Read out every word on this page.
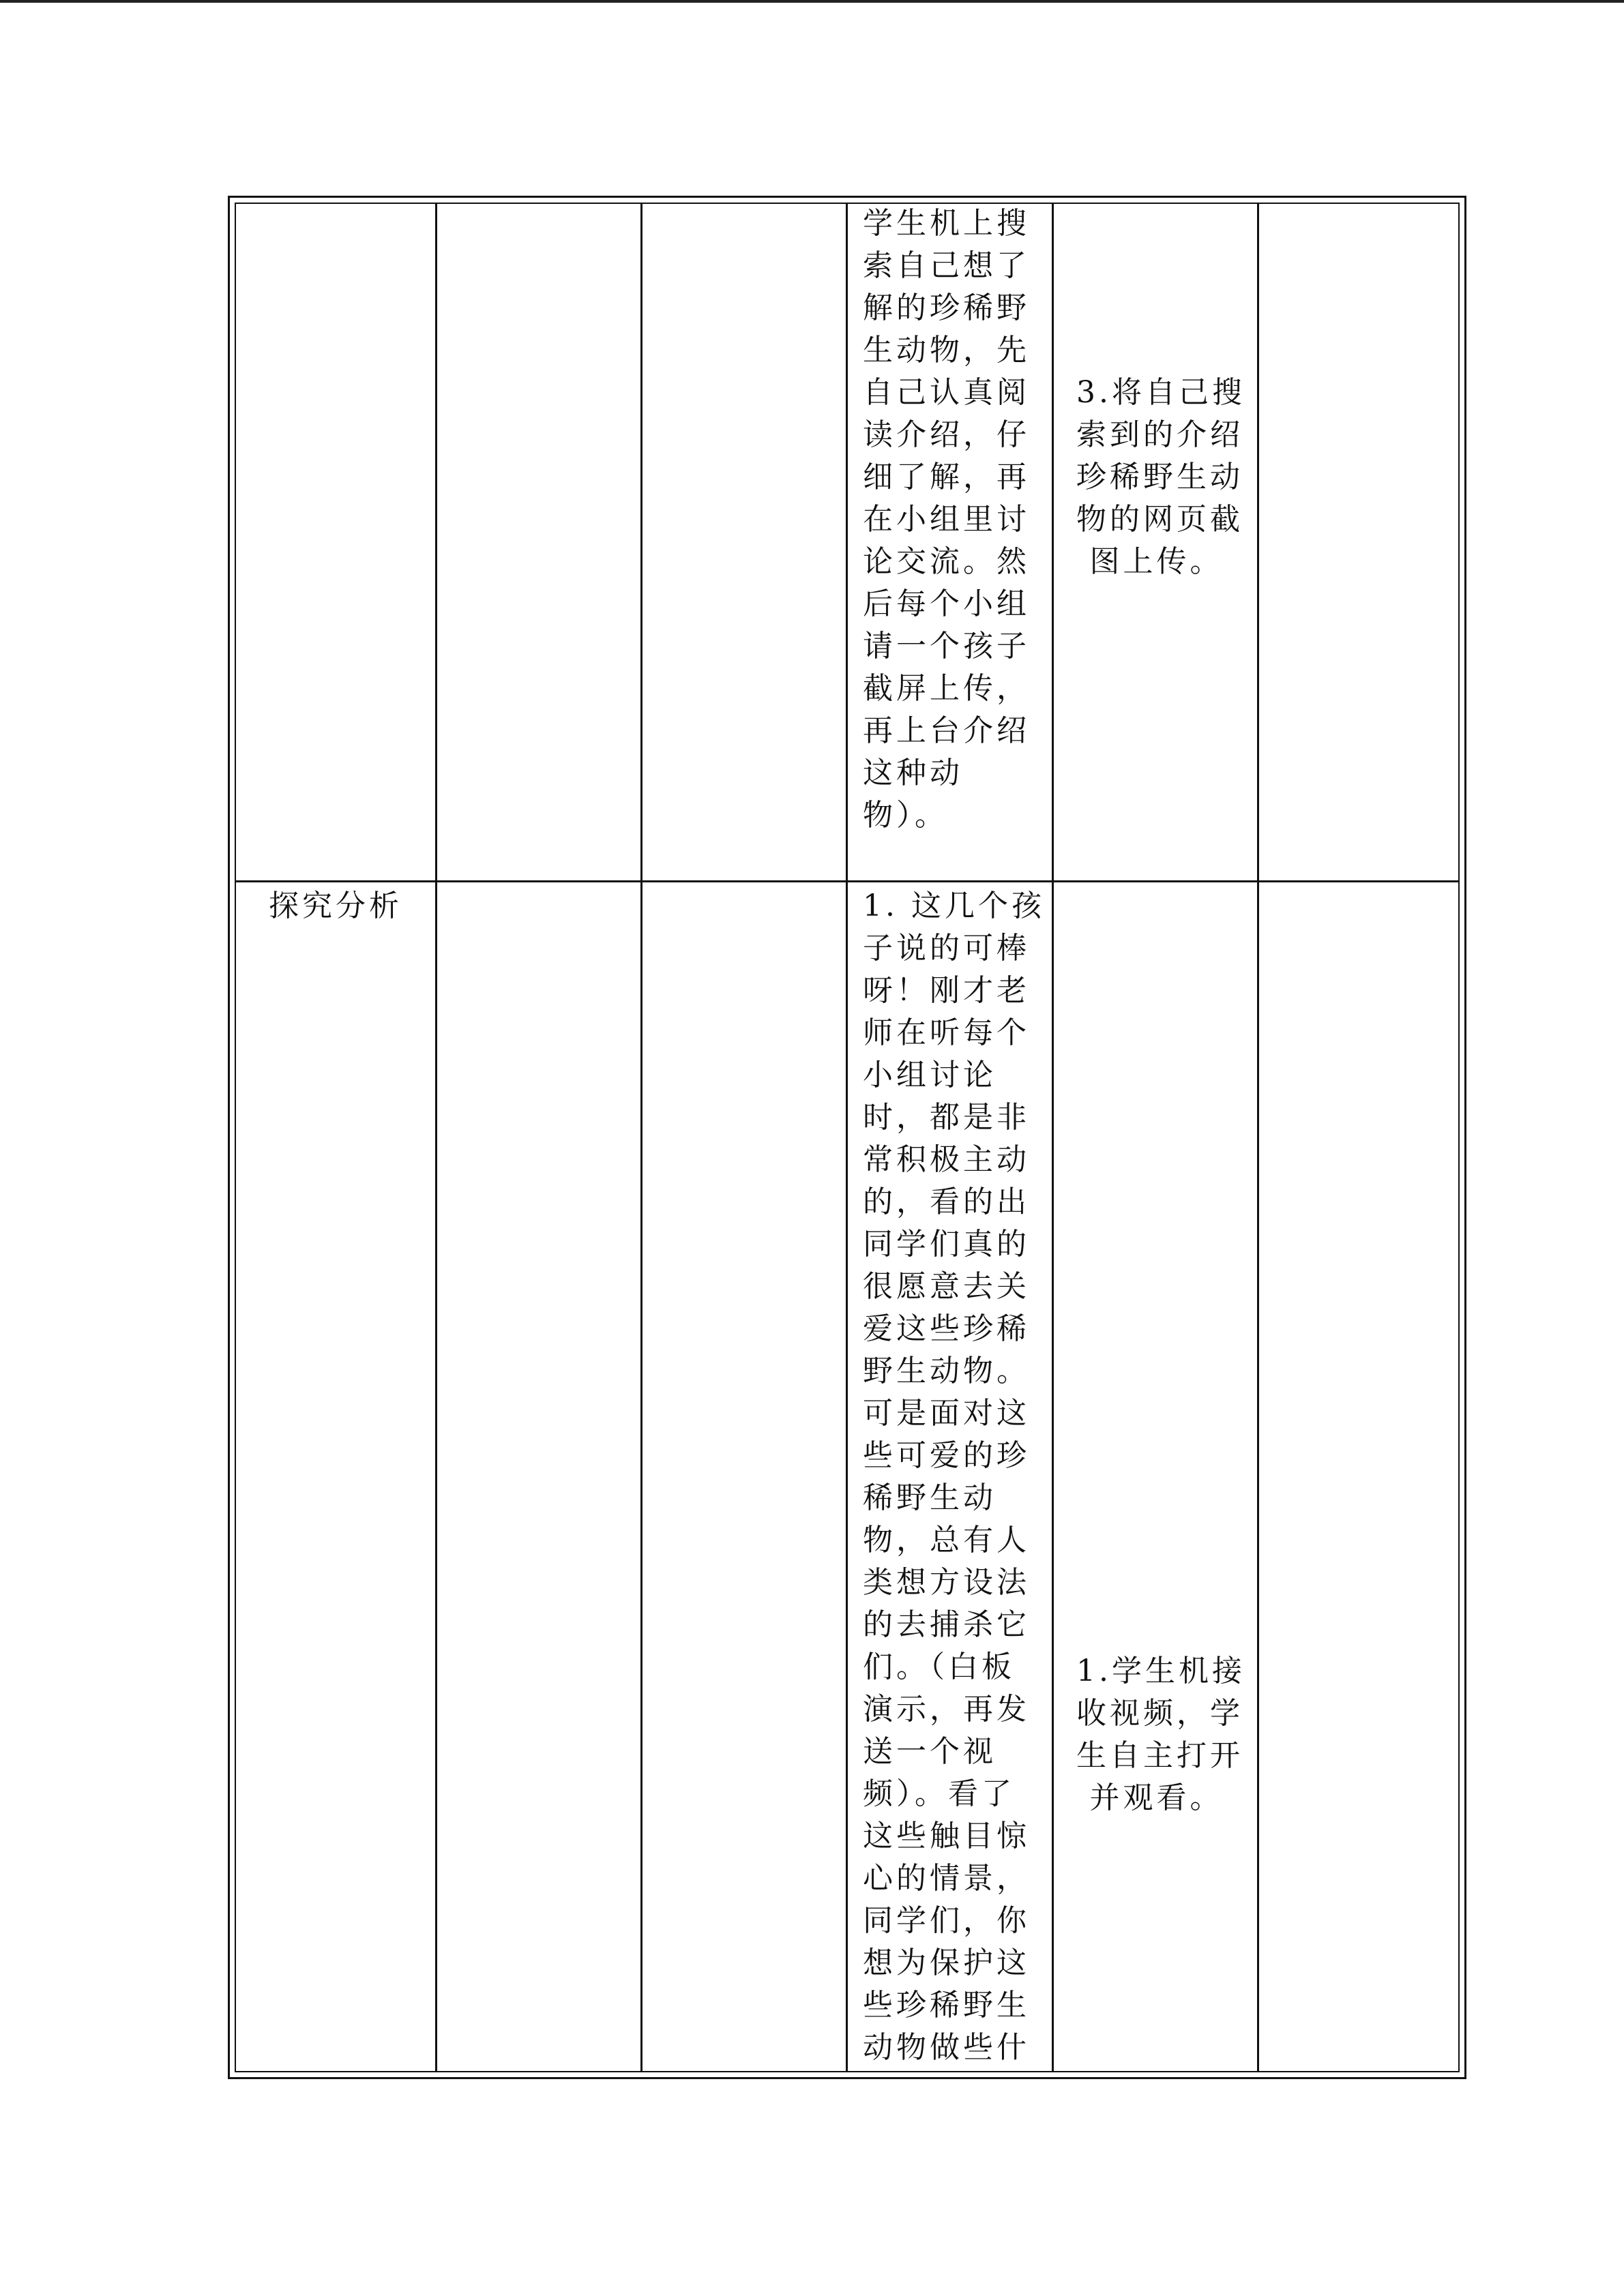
学生机上搜
索自己想了
解的珍稀野
生动物，先
自己认真阅
读介绍，仔
细了解，再
在小组里讨
论交流。然
后每个小组
请一个孩子
截屏上传，
再上台介绍
这种动
物）。
3.将自己搜
索到的介绍
珍稀野生动
物的网页截
图上传。
探究分析	1. 这几个孩
子说的可棒
呀！刚才老
师在听每个
小组讨论
时，都是非
常积极主动
的，看的出
同学们真的
很愿意去关
爱这些珍稀
野生动物。
可是面对这
些可爱的珍
稀野生动
物，总有人
类想方设法
的去捕杀它
们。（白板
演示，再发
送一个视
频）。看了
这些触目惊
心的情景，
同学们，你
想为保护这
些珍稀野生
动物做些什
1.学生机接
收视频，学
生自主打开
并观看。
